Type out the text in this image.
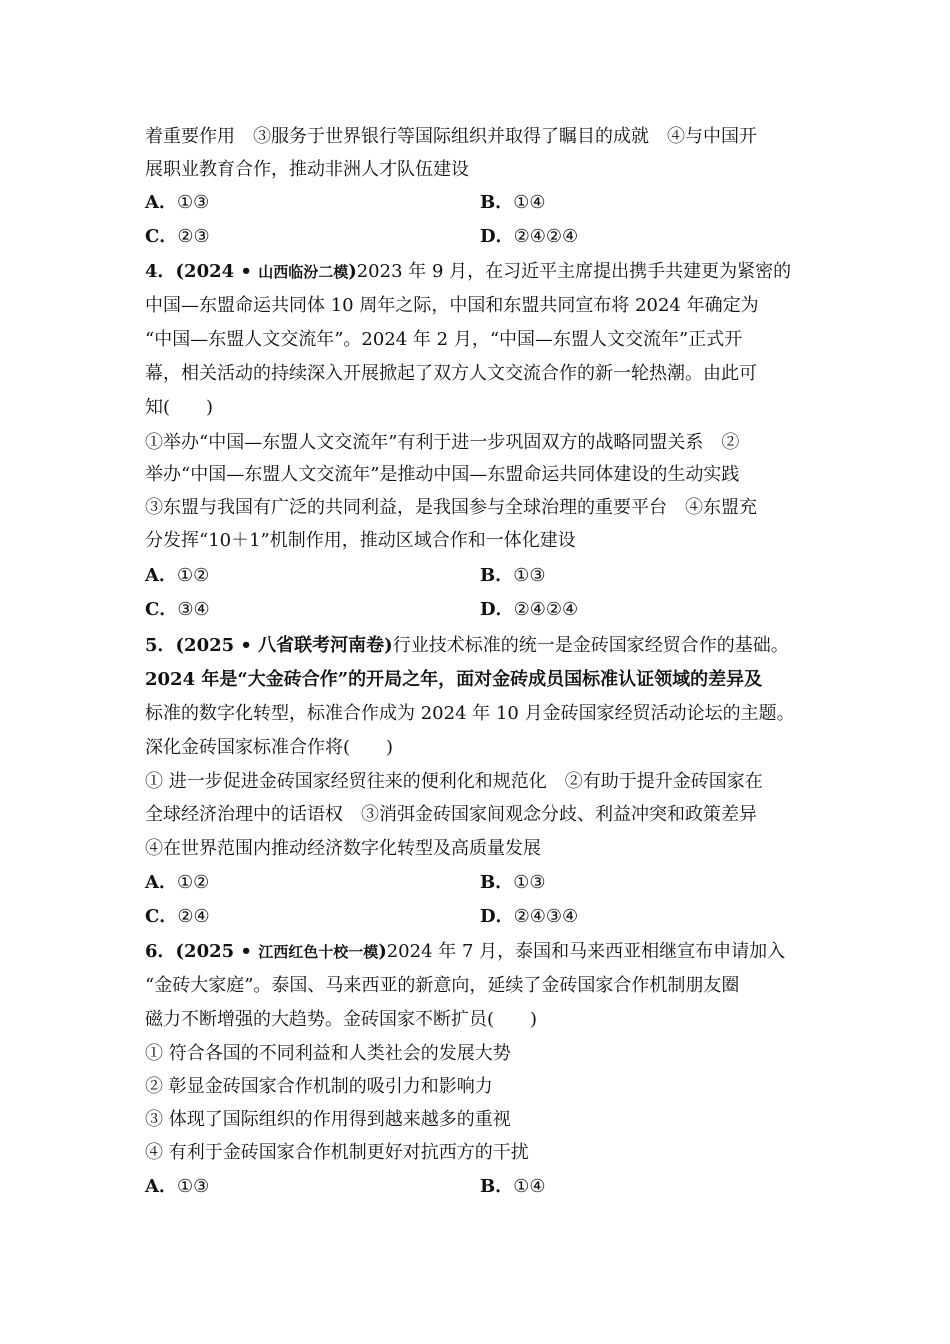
着重要作用　③服务于世界银行等国际组织并取得了瞩目的成就　④与中国开
展职业教育合作，推动非洲人才队伍建设
A．①③	B．①④
C．②③	D．②④②④
4．(2024 • 山西临汾二模)2023 年 9 月，在习近平主席提出携手共建更为紧密的
中国—东盟命运共同体 10 周年之际，中国和东盟共同宣布将 2024 年确定为
“中国—东盟人文交流年”。2024 年 2 月，“中国—东盟人文交流年”正式开
幕，相关活动的持续深入开展掀起了双方人文交流合作的新一轮热潮。由此可
知(　　)
①举办“中国—东盟人文交流年”有利于进一步巩固双方的战略同盟关系　②
举办“中国—东盟人文交流年”是推动中国—东盟命运共同体建设的生动实践
③东盟与我国有广泛的共同利益，是我国参与全球治理的重要平台　④东盟充
分发挥“10＋1”机制作用，推动区域合作和一体化建设
A．①②	B．①③
C．③④	D．②④②④
5．(2025 • 八省联考河南卷)行业技术标准的统一是金砖国家经贸合作的基础。
2024 年是“大金砖合作”的开局之年，面对金砖成员国标准认证领域的差异及
标准的数字化转型，标准合作成为 2024 年 10 月金砖国家经贸活动论坛的主题。
深化金砖国家标准合作将(　　)
① 进一步促进金砖国家经贸往来的便利化和规范化　②有助于提升金砖国家在
全球经济治理中的话语权　③消弭金砖国家间观念分歧、利益冲突和政策差异
④在世界范围内推动经济数字化转型及高质量发展
A．①②	B．①③
C．②④	D．②④③④
6．(2025 • 江西红色十校一模)2024 年 7 月，泰国和马来西亚相继宣布申请加入
“金砖大家庭”。泰国、马来西亚的新意向，延续了金砖国家合作机制朋友圈
磁力不断增强的大趋势。金砖国家不断扩员(　　)
① 符合各国的不同利益和人类社会的发展大势
② 彰显金砖国家合作机制的吸引力和影响力
③ 体现了国际组织的作用得到越来越多的重视
④ 有利于金砖国家合作机制更好对抗西方的干扰
A．①③	B．①④
